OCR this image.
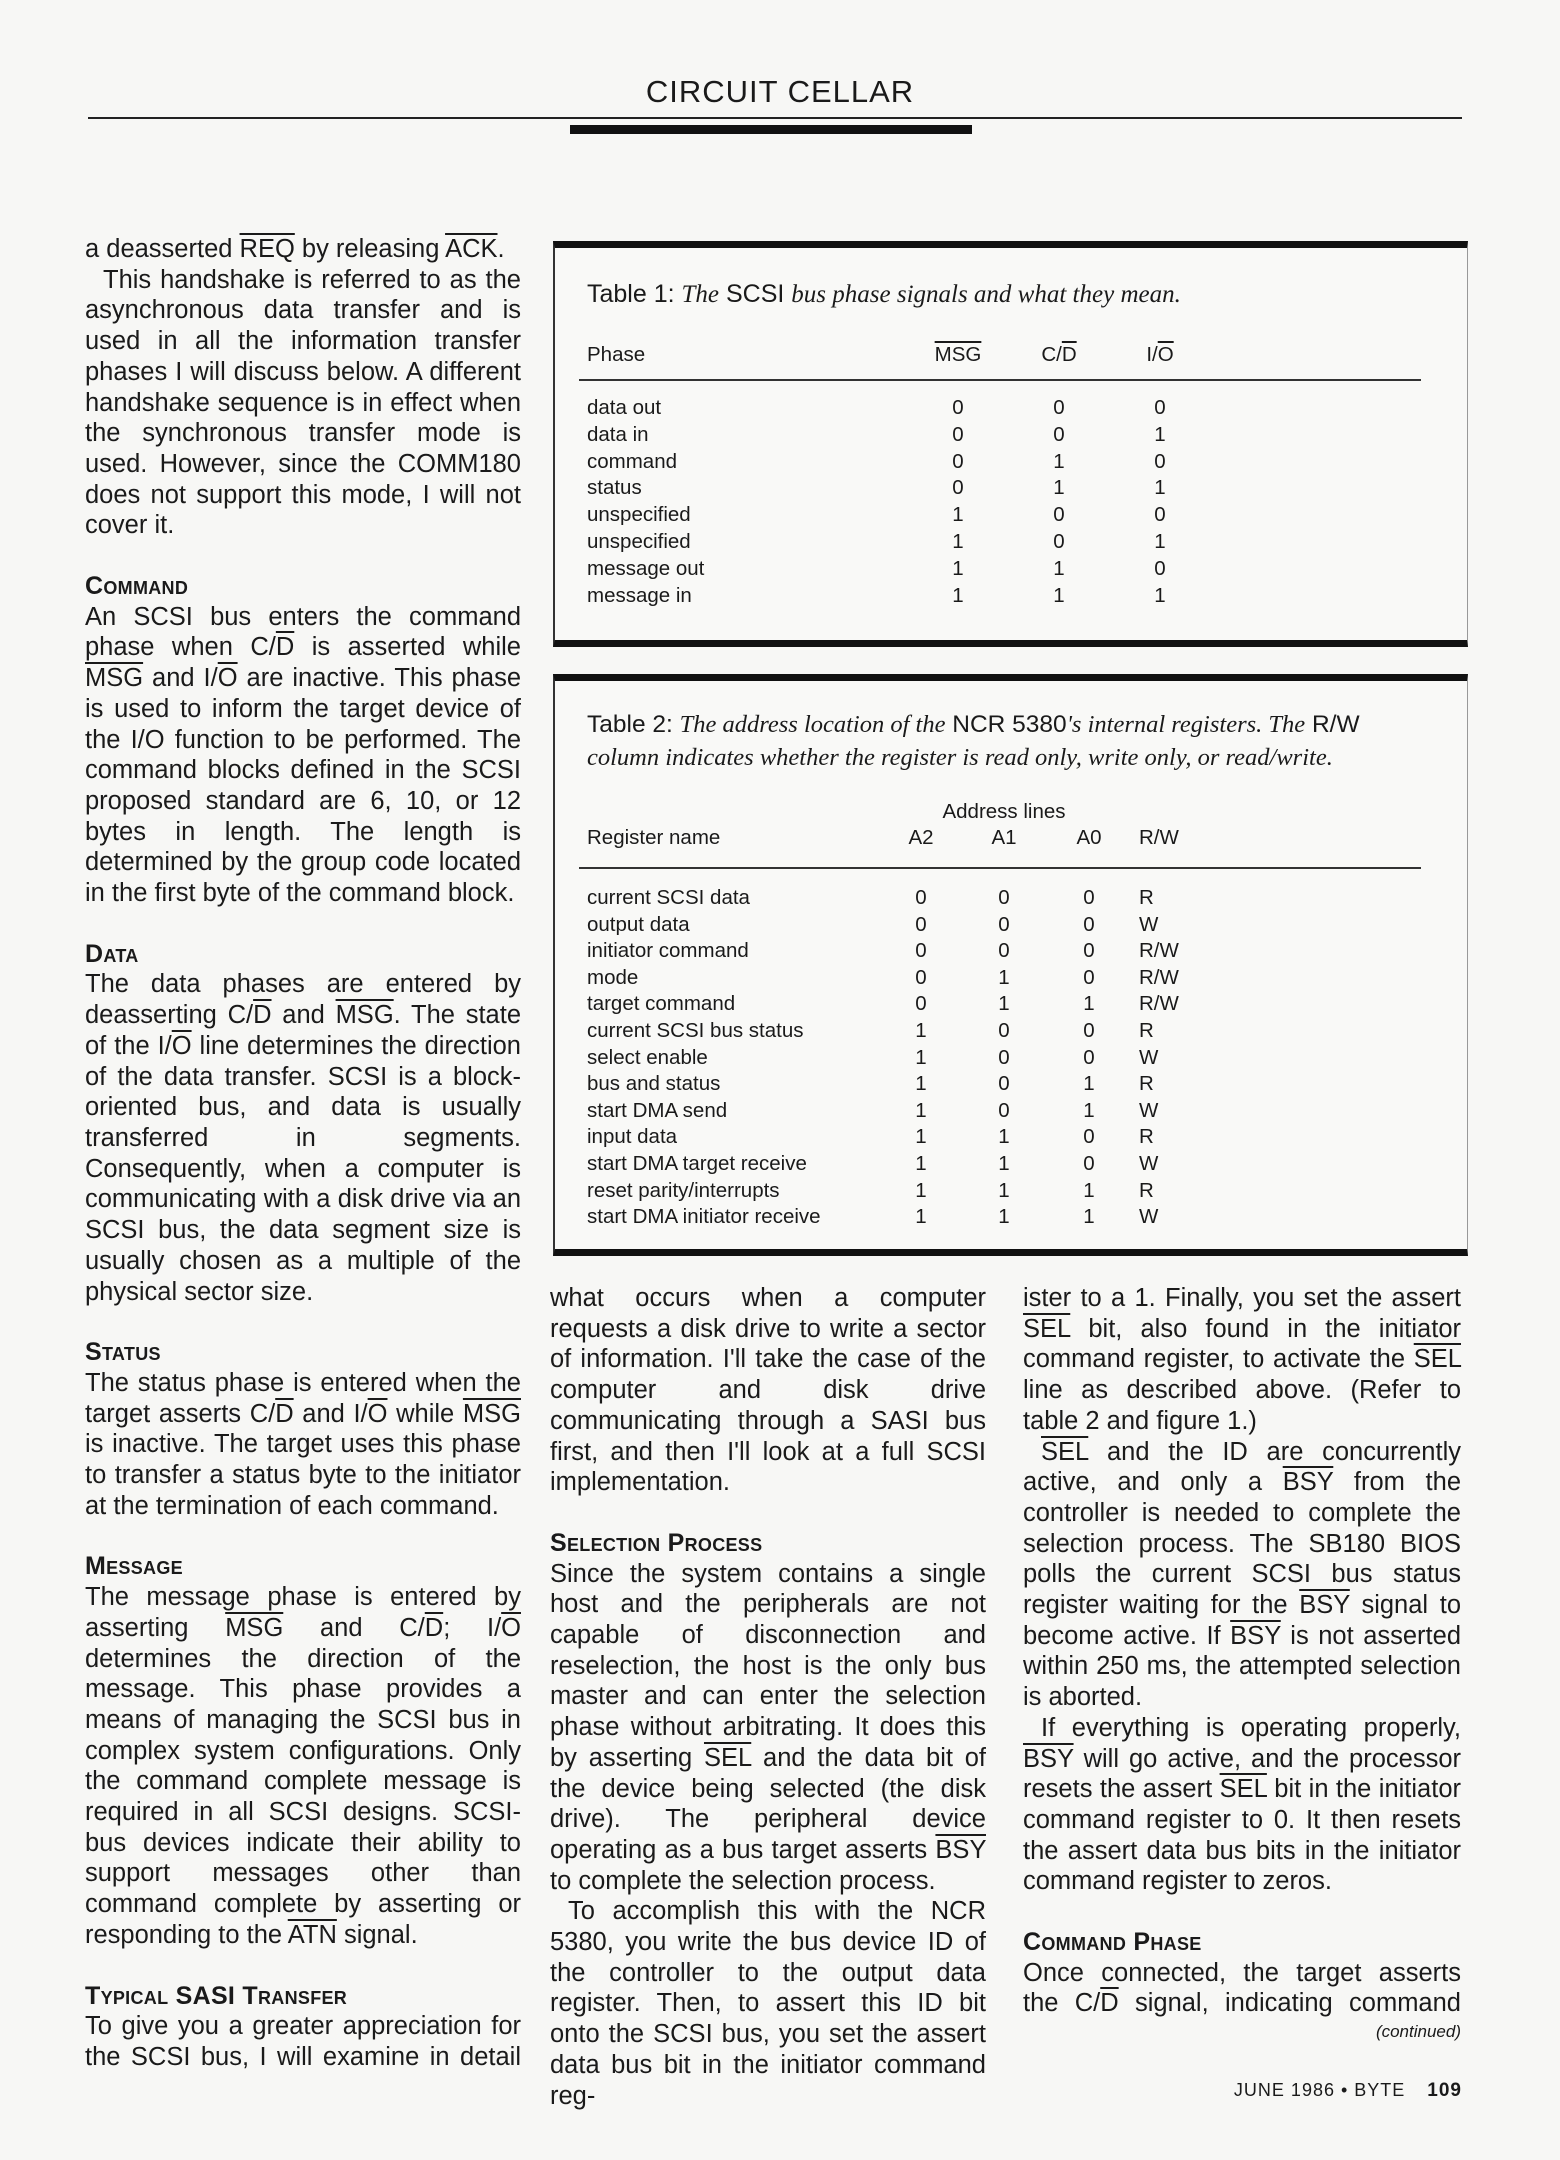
CIRCUIT CELLAR

a deasserted $\overline{REQ}$ by releasing $\overline{ACK}$.

This handshake is referred to as the asynchronous data transfer and is used in all the information transfer phases I will discuss below. A different handshake sequence is in effect when the synchronous transfer mode is used. However, since the COMM180 does not support this mode, I will not cover it.

Command

An SCSI bus enters the command phase when $C/\overline{D}$ is asserted while $\overline{MSG}$ and $I/\overline{O}$ are inactive. This phase is used to inform the target device of the I/O function to be performed. The command blocks defined in the SCSI proposed standard are 6, 10, or 12 bytes in length. The length is determined by the group code located in the first byte of the command block.

Data

The data phases are entered by deasserting $C/\overline{D}$ and $\overline{MSG}$. The state of the $I/\overline{O}$ line determines the direction of the data transfer. SCSI is a block-oriented bus, and data is usually transferred in segments. Consequently, when a computer is communicating with a disk drive via an SCSI bus, the data segment size is usually chosen as a multiple of the physical sector size.

Status

The status phase is entered when the target asserts $C/\overline{D}$ and $I/\overline{O}$ while $\overline{MSG}$ is inactive. The target uses this phase to transfer a status byte to the initiator at the termination of each command.

Message

The message phase is entered by asserting $\overline{MSG}$ and $C/\overline{D}$; $I/\overline{O}$ determines the direction of the message. This phase provides a means of managing the SCSI bus in complex system configurations. Only the command complete message is required in all SCSI designs. SCSI-bus devices indicate their ability to support messages other than command complete by asserting or responding to the $\overline{ATN}$ signal.

Typical SASI Transfer

To give you a greater appreciation for the SCSI bus, I will examine in detail

what occurs when a computer requests a disk drive to write a sector of information. I'll take the case of the computer and disk drive communicating through a SASI bus first, and then I'll look at a full SCSI implementation.

Selection Process

Since the system contains a single host and the peripherals are not capable of disconnection and reselection, the host is the only bus master and can enter the selection phase without arbitrating. It does this by asserting $\overline{SEL}$ and the data bit of the device being selected (the disk drive). The peripheral device operating as a bus target asserts $\overline{BSY}$ to complete the selection process.

To accomplish this with the NCR 5380, you write the bus device ID of the controller to the output data register. Then, to assert this ID bit onto the SCSI bus, you set the assert data bus bit in the initiator command reg-

ister to a 1. Finally, you set the assert $\overline{SEL}$ bit, also found in the initiator command register, to activate the $\overline{SEL}$ line as described above. (Refer to table 2 and figure 1.)

$\overline{SEL}$ and the ID are concurrently active, and only a $\overline{BSY}$ from the controller is needed to complete the selection process. The SB180 BIOS polls the current SCSI bus status register waiting for the $\overline{BSY}$ signal to become active. If $\overline{BSY}$ is not asserted within 250 ms, the attempted selection is aborted.

If everything is operating properly, $\overline{BSY}$ will go active, and the processor resets the assert $\overline{SEL}$ bit in the initiator command register to 0. It then resets the assert data bus bits in the initiator command register to zeros.

Command Phase

Once connected, the target asserts the $C/\overline{D}$ signal, indicating command

(continued)
Table 1: The SCSI bus phase signals and what they mean.
Phase	$\overline{MSG}$	$C/\overline{D}$	$I/\overline{O}$
data out	0	0	0
data in	0	0	1
command	0	1	0
status	0	1	1
unspecified	1	0	0
unspecified	1	0	1
message out	1	1	0
message in	1	1	1
Table 2: The address location of the NCR 5380's internal registers. The R/W column indicates whether the register is read only, write only, or read/write.
Address lines
Register name	A2	A1	A0 R/W
current SCSI data	0	0	0 R
output data	0	0	0 W
initiator command	0	0	0 R/W
mode	0	1	0 R/W
target command	0	1	1 R/W
current SCSI bus status	1	0	0 R
select enable	1	0	0 W
bus and status	1	0	1 R
start DMA send	1	0	1 W
input data	1	1	0 R
start DMA target receive	1	1	0 W
reset parity/interrupts	1	1	1 R
start DMA initiator receive	1	1	1 W
JUNE 1986 • BYTE 109
